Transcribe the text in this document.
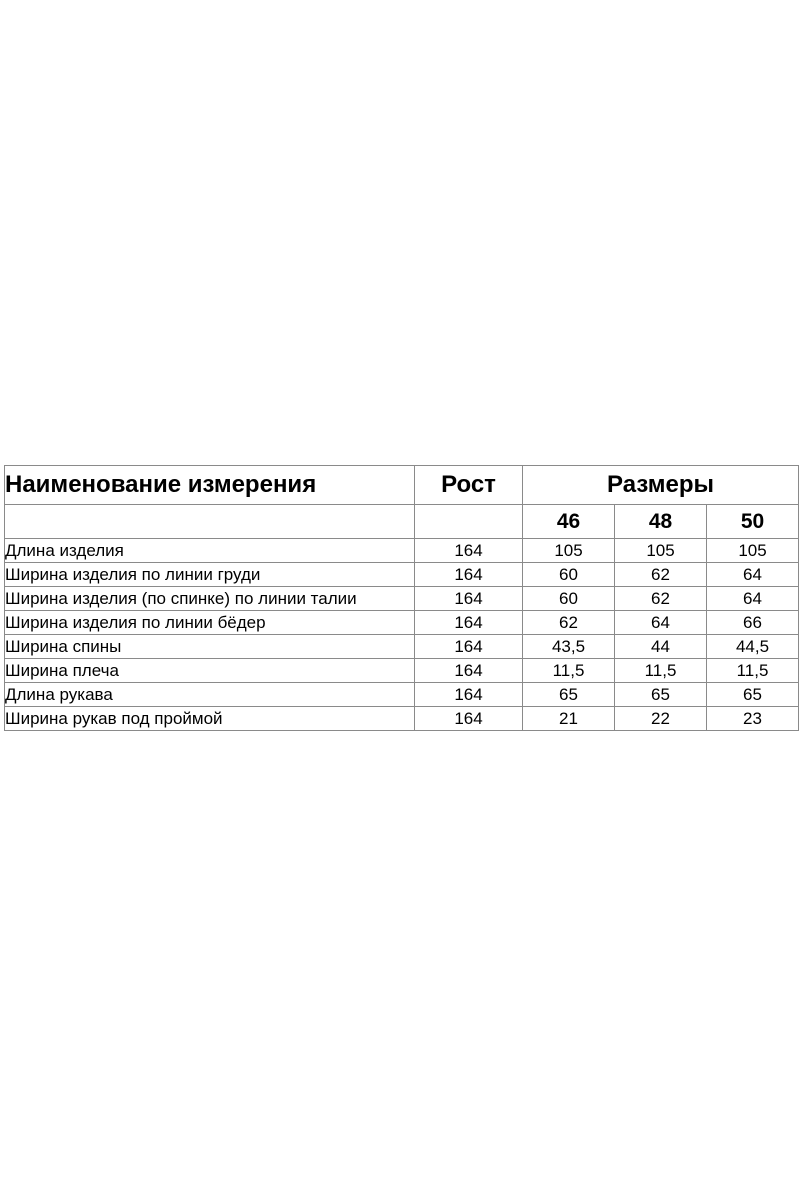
Наименование измерения	Рост	Размеры		
		46	48	50
Длина изделия	164	105	105	105
Ширина изделия по линии груди	164	60	62	64
Ширина изделия (по спинке) по линии талии	164	60	62	64
Ширина изделия по линии бёдер	164	62	64	66
Ширина спины	164	43,5	44	44,5
Ширина плеча	164	11,5	11,5	11,5
Длина рукава	164	65	65	65
Ширина рукав под проймой	164	21	22	23
